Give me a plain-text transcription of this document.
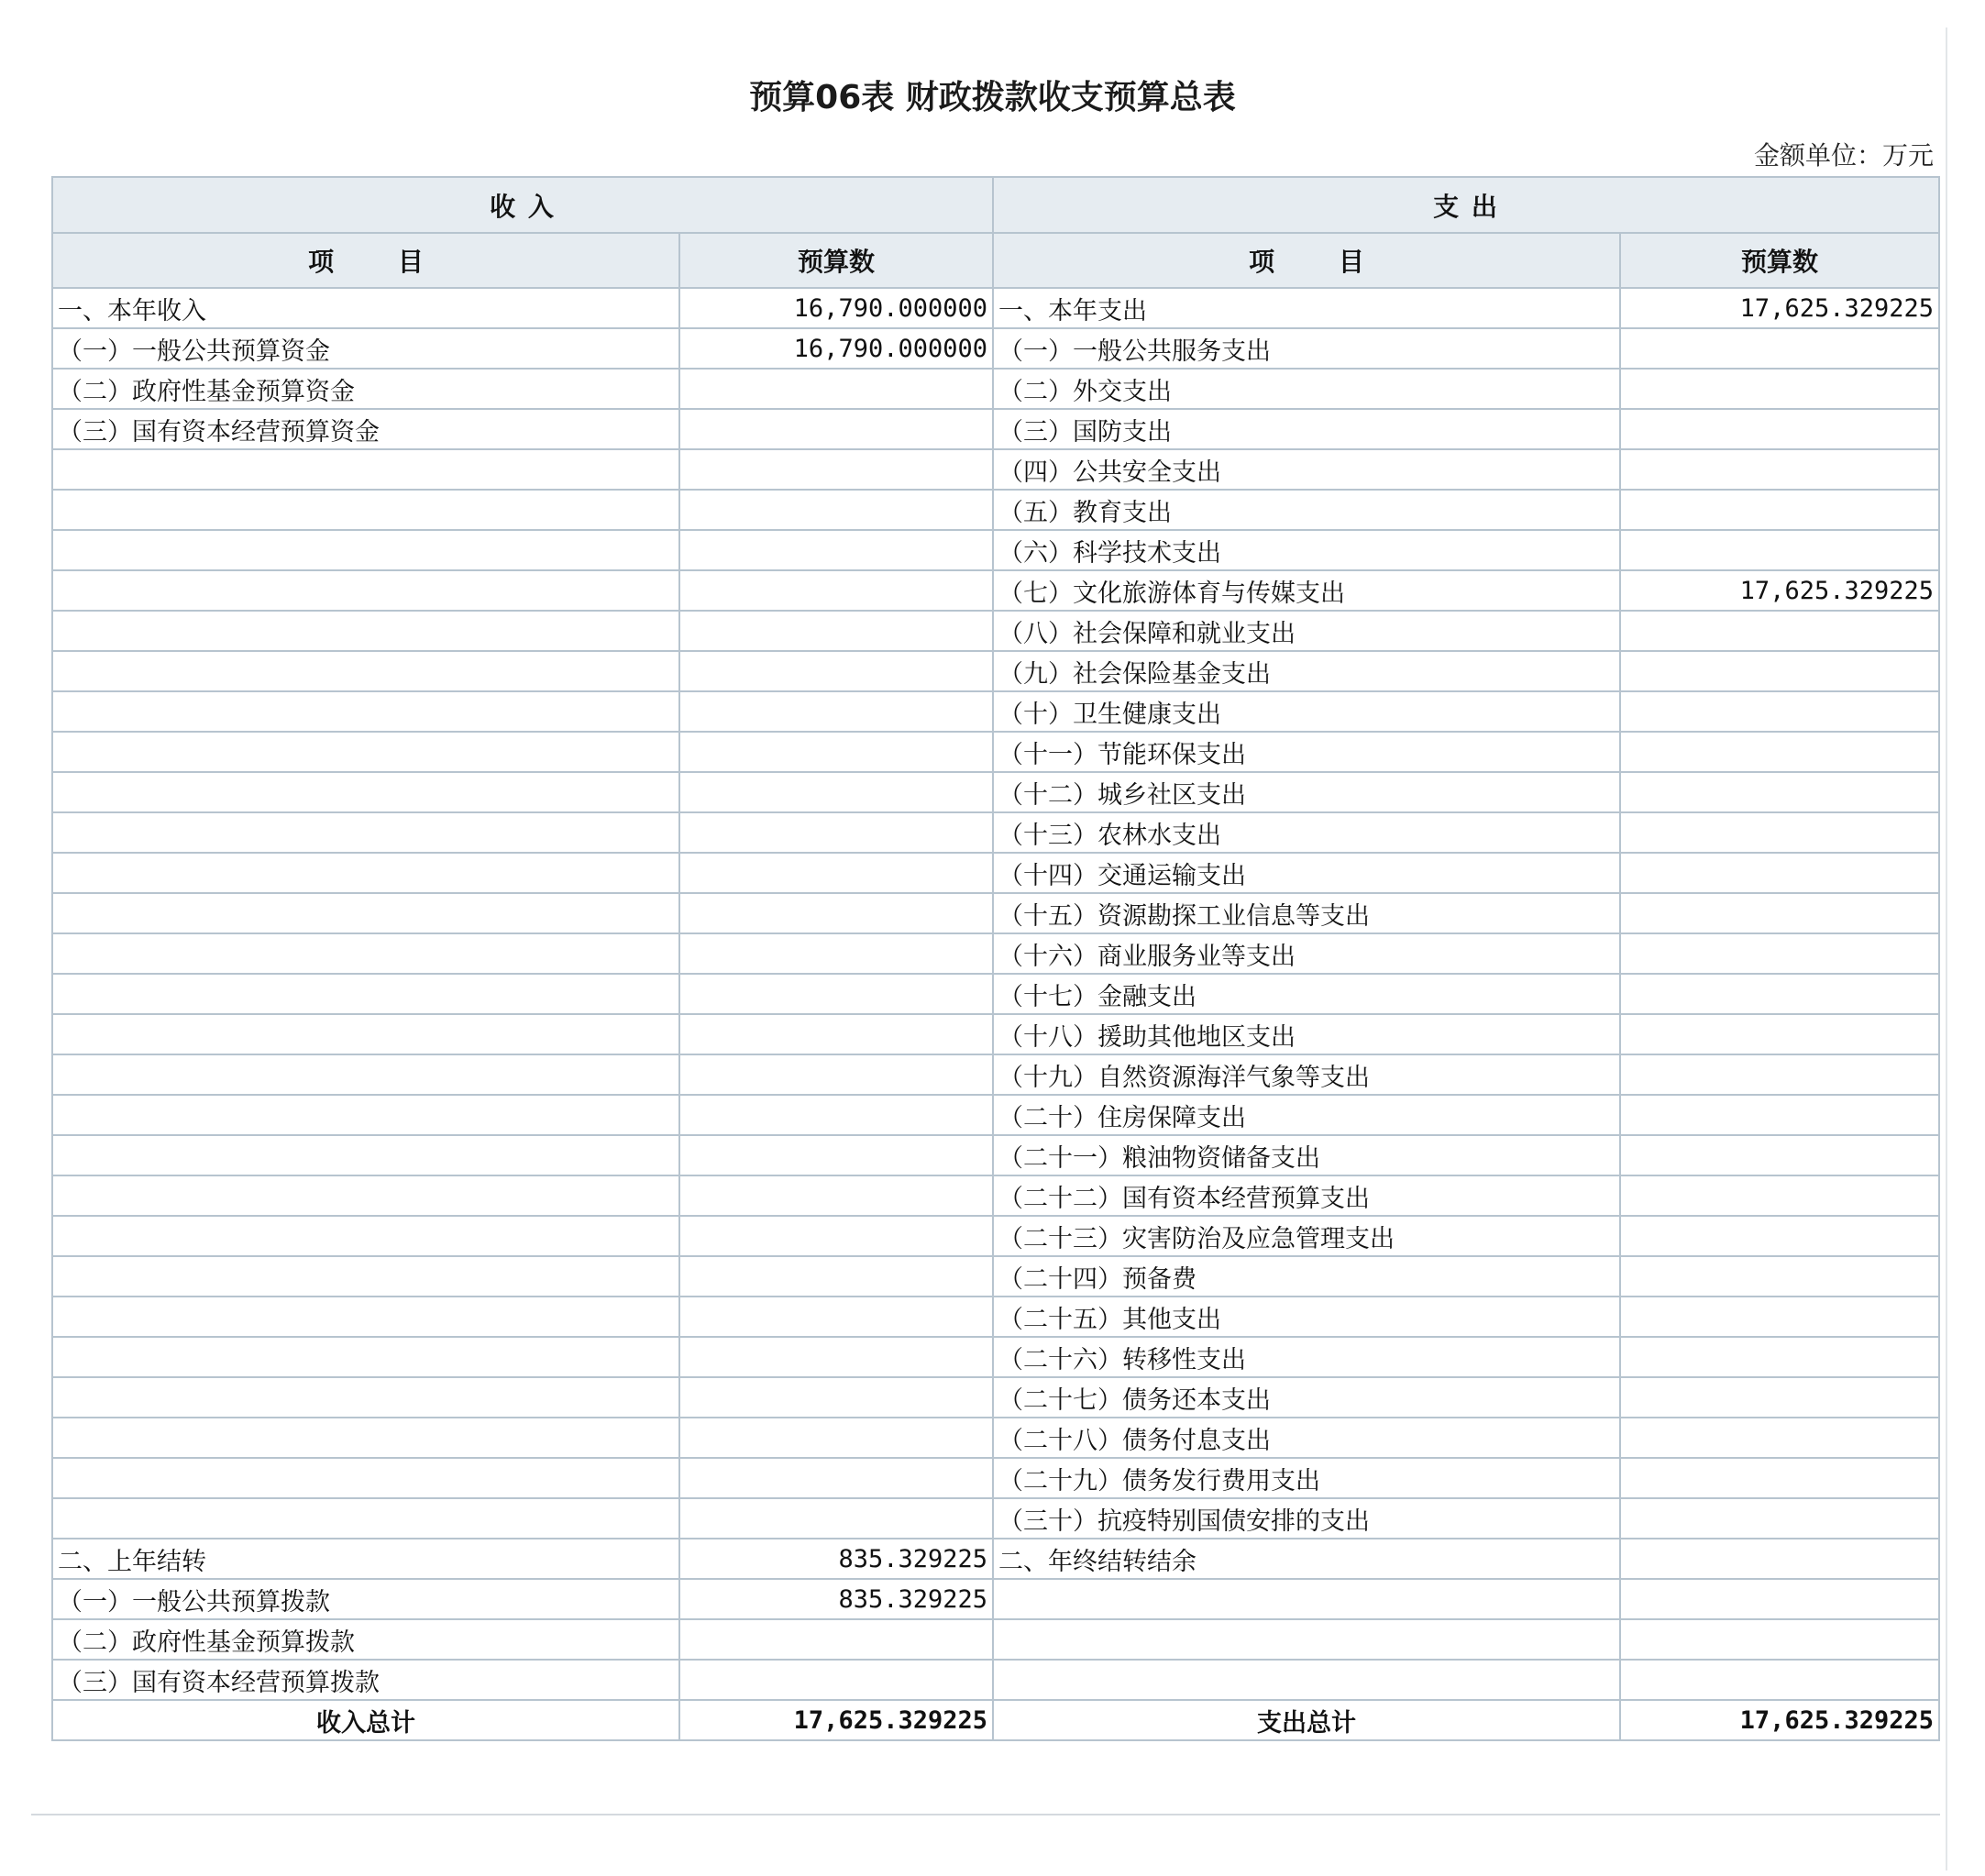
预算06表 财政拨款收支预算总表
金额单位：万元
收 入		支 出	
项 目	预算数	项 目	预算数
一、本年收入	16,790.000000	一、本年支出	17,625.329225
（一）一般公共预算资金	16,790.000000	（一）一般公共服务支出	
（二）政府性基金预算资金		（二）外交支出	
（三）国有资本经营预算资金		（三）国防支出	
		（四）公共安全支出	
		（五）教育支出	
		（六）科学技术支出	
		（七）文化旅游体育与传媒支出	17,625.329225
		（八）社会保障和就业支出	
		（九）社会保险基金支出	
		（十）卫生健康支出	
		（十一）节能环保支出	
		（十二）城乡社区支出	
		（十三）农林水支出	
		（十四）交通运输支出	
		（十五）资源勘探工业信息等支出	
		（十六）商业服务业等支出	
		（十七）金融支出	
		（十八）援助其他地区支出	
		（十九）自然资源海洋气象等支出	
		（二十）住房保障支出	
		（二十一）粮油物资储备支出	
		（二十二）国有资本经营预算支出	
		（二十三）灾害防治及应急管理支出	
		（二十四）预备费	
		（二十五）其他支出	
		（二十六）转移性支出	
		（二十七）债务还本支出	
		（二十八）债务付息支出	
		（二十九）债务发行费用支出	
		（三十）抗疫特别国债安排的支出	
二、上年结转	835.329225	二、年终结转结余	
（一）一般公共预算拨款	835.329225		
（二）政府性基金预算拨款			
（三）国有资本经营预算拨款			
收入总计	17,625.329225	支出总计	17,625.329225
